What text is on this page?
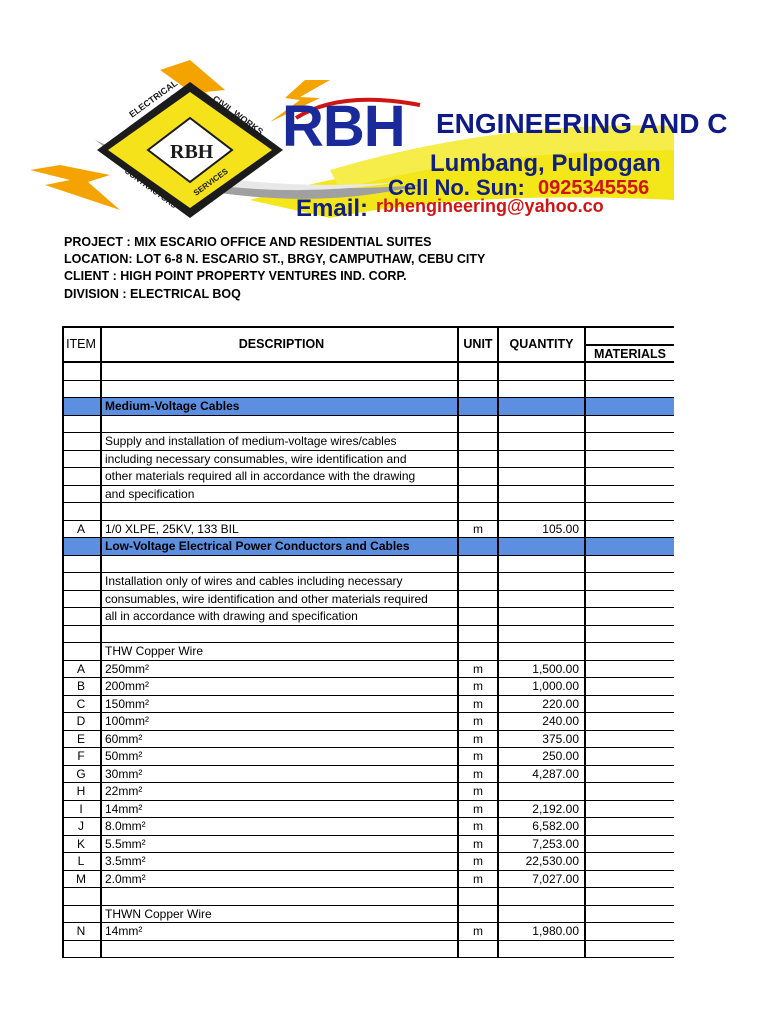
ELECTRICAL	CIVIL WORKS
RBH
CONTRACTORS SERVICES
RBH ENGINEERING AND C
Lumbang, Pulpogan
Cell No. Sun: 0925345556
Email: rbhengineering@yahoo.co
PROJECT : MIX ESCARIO OFFICE AND RESIDENTIAL SUITES
LOCATION: LOT 6-8 N. ESCARIO ST., BRGY, CAMPUTHAW, CEBU CITY
CLIENT : HIGH POINT PROPERTY VENTURES IND. CORP.
DIVISION : ELECTRICAL BOQ
ITEM	DESCRIPTION	UNIT	QUANTITY
MATERIALS
Medium-Voltage Cables
Supply and installation of medium-voltage wires/cables
including necessary consumables, wire identification and
other materials required all in accordance with the drawing
and specification
A	1/0 XLPE, 25KV, 133 BIL	m	105.00
Low-Voltage Electrical Power Conductors and Cables
Installation only of wires and cables including necessary
consumables, wire identification and other materials required
all in accordance with drawing and specification
THW Copper Wire
A	250mm²	m	1,500.00
B	200mm²	m	1,000.00
C	150mm²	m	220.00
D	100mm²	m	240.00
E	60mm²	m	375.00
F	50mm²	m	250.00
G	30mm²	m	4,287.00
H	22mm²	m
I	14mm²	m	2,192.00
J	8.0mm²	m	6,582.00
K	5.5mm²	m	7,253.00
L	3.5mm²	m	22,530.00
M	2.0mm²	m	7,027.00
THWN Copper Wire
N	14mm²	m	1,980.00
